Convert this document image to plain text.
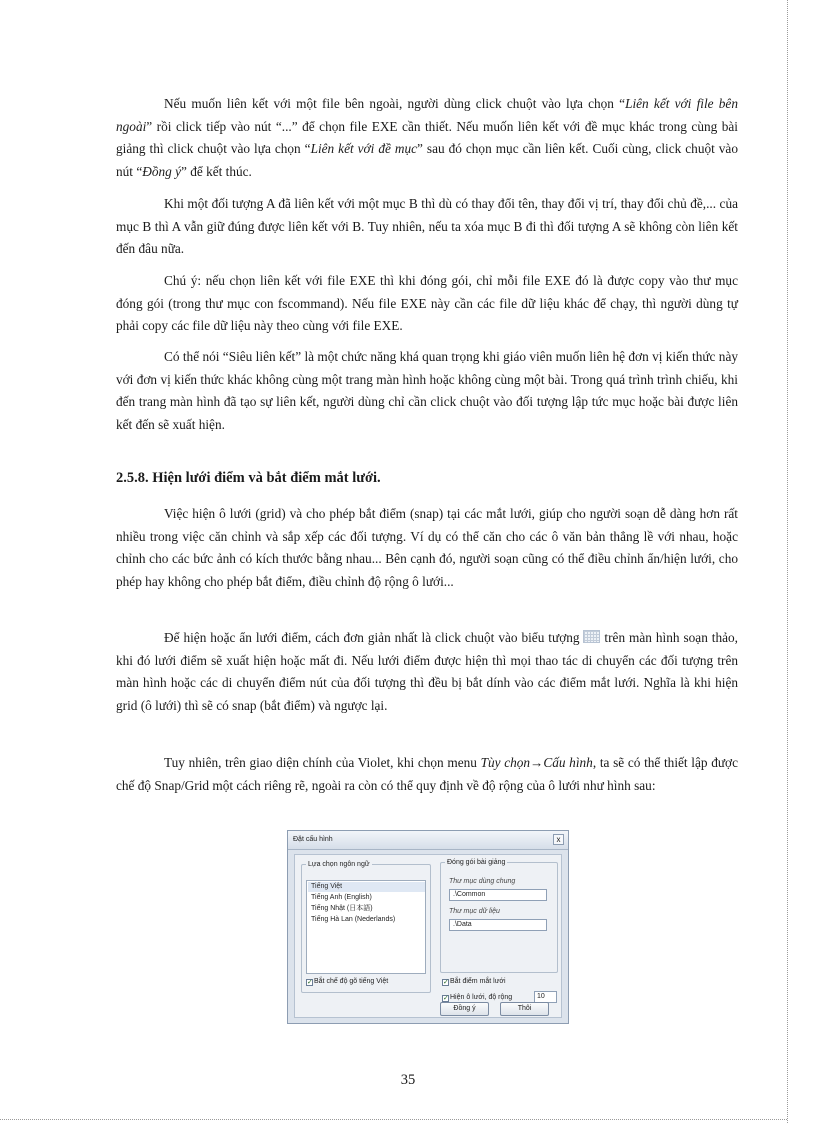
Nếu muốn liên kết với một file bên ngoài, người dùng click chuột vào lựa chọn “Liên kết với file bên ngoài” rồi click tiếp vào nút “...” để chọn file EXE cần thiết. Nếu muốn liên kết với đề mục khác trong cùng bài giảng thì click chuột vào lựa chọn “Liên kết với đề mục” sau đó chọn mục cần liên kết. Cuối cùng, click chuột vào nút “Đồng ý” để kết thúc.

Khi một đối tượng A đã liên kết với một mục B thì dù có thay đổi tên, thay đổi vị trí, thay đổi chủ đề,... của mục B thì A vẫn giữ đúng được liên kết với B. Tuy nhiên, nếu ta xóa mục B đi thì đối tượng A sẽ không còn liên kết đến đâu nữa.

Chú ý: nếu chọn liên kết với file EXE thì khi đóng gói, chỉ mỗi file EXE đó là được copy vào thư mục đóng gói (trong thư mục con fscommand). Nếu file EXE này cần các file dữ liệu khác để chạy, thì người dùng tự phải copy các file dữ liệu này theo cùng với file EXE.

Có thể nói “Siêu liên kết” là một chức năng khá quan trọng khi giáo viên muốn liên hệ đơn vị kiến thức này với đơn vị kiến thức khác không cùng một trang màn hình hoặc không cùng một bài. Trong quá trình trình chiếu, khi đến trang màn hình đã tạo sự liên kết, người dùng chỉ cần click chuột vào đối tượng lập tức mục hoặc bài được liên kết đến sẽ xuất hiện.

2.5.8. Hiện lưới điểm và bắt điểm mắt lưới.

Việc hiện ô lưới (grid) và cho phép bắt điểm (snap) tại các mắt lưới, giúp cho người soạn dễ dàng hơn rất nhiều trong việc căn chỉnh và sắp xếp các đối tượng. Ví dụ có thể căn cho các ô văn bản thẳng lề với nhau, hoặc chỉnh cho các bức ảnh có kích thước bằng nhau... Bên cạnh đó, người soạn cũng có thể điều chỉnh ẩn/hiện lưới, cho phép hay không cho phép bắt điểm, điều chỉnh độ rộng ô lưới...

Để hiện hoặc ẩn lưới điểm, cách đơn giản nhất là click chuột vào biểu tượng  trên màn hình soạn thảo, khi đó lưới điểm sẽ xuất hiện hoặc mất đi. Nếu lưới điểm được hiện thì mọi thao tác di chuyển các đối tượng trên màn hình hoặc các di chuyển điểm nút của đối tượng thì đều bị bắt dính vào các điểm mắt lưới. Nghĩa là khi hiện grid (ô lưới) thì sẽ có snap (bắt điểm) và ngược lại.

Tuy nhiên, trên giao diện chính của Violet, khi chọn menu Tùy chọn→Cấu hình, ta sẽ có thể thiết lập được chế độ Snap/Grid một cách riêng rẽ, ngoài ra còn có thể quy định về độ rộng của ô lưới như hình sau:

Đặt cấu hình	x
Lựa chọn ngôn ngữ
Tiếng Việt
Tiếng Anh (English)
Tiếng Nhật (日本語)
Tiếng Hà Lan (Nederlands)
✓Bắt chế độ gõ tiếng Việt
Đóng gói bài giảng
Thư mục dùng chung
.\Common
Thư mục dữ liệu
.\Data
✓Bắt điểm mắt lưới
✓Hiện ô lưới, độ rộng	10
Đồng ý	Thôi
35
